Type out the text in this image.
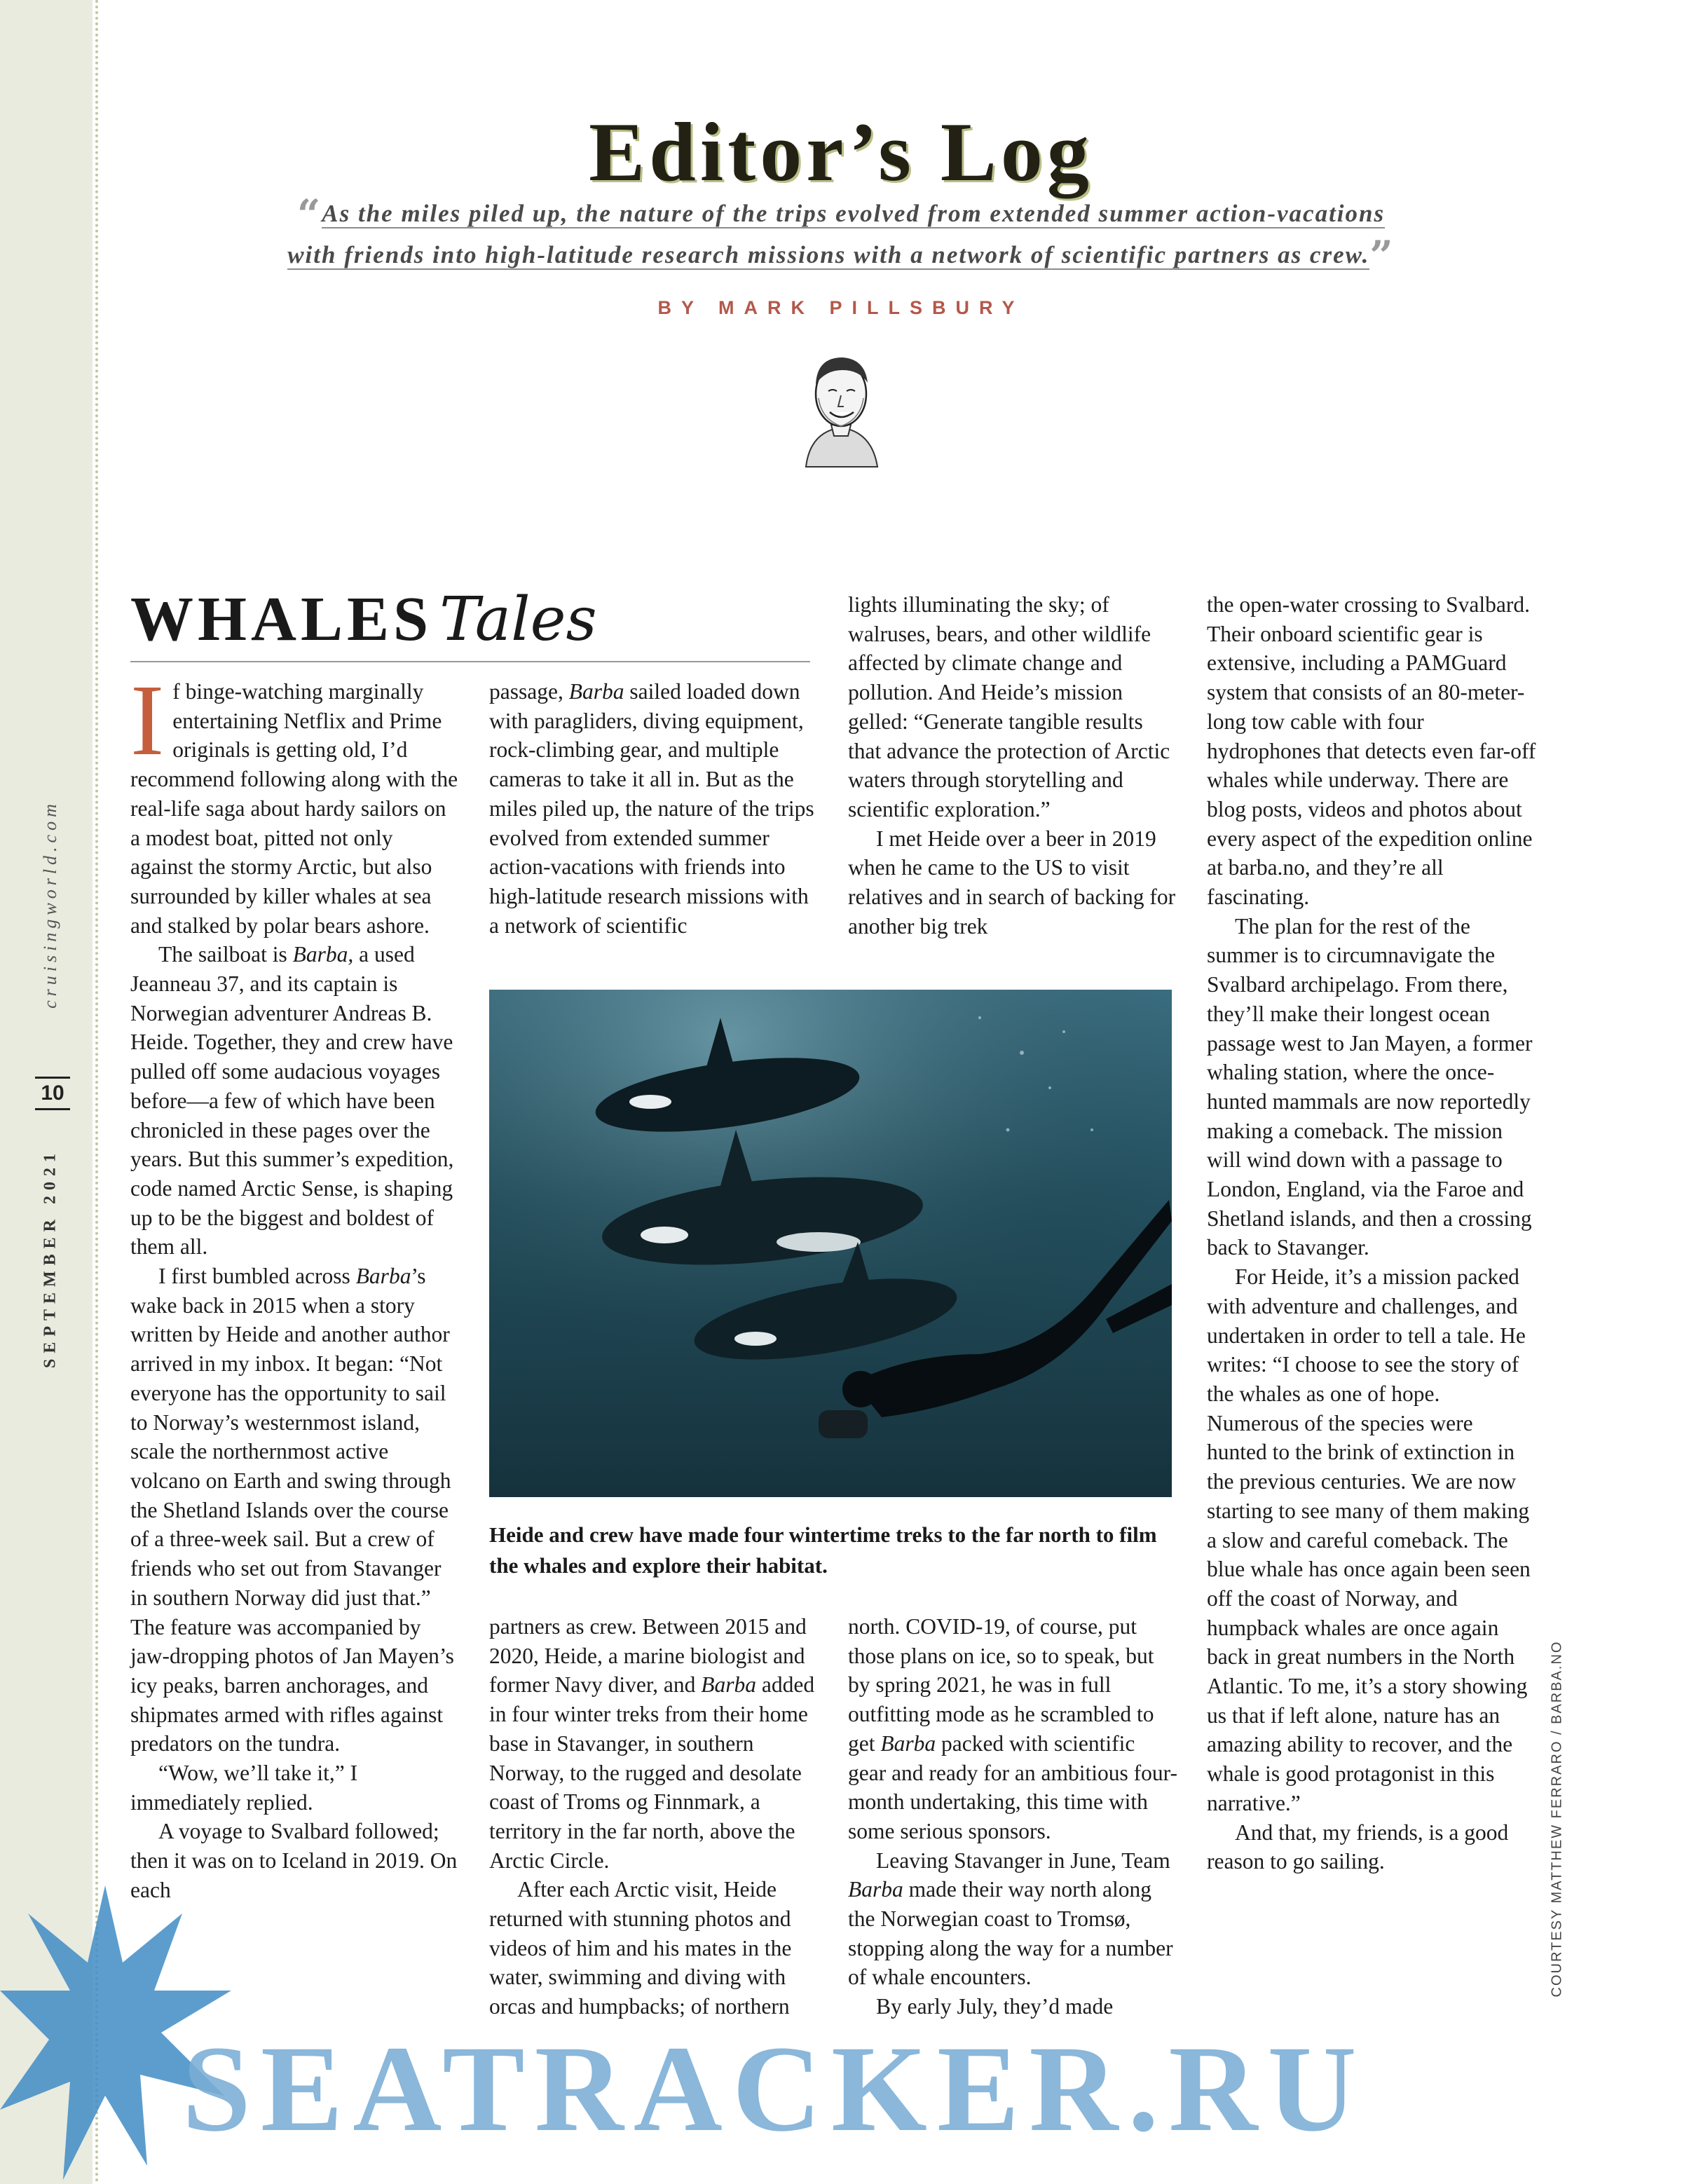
cruisingworld.com
10
SEPTEMBER 2021
Editor’s Log
“As the miles piled up, the nature of the trips evolved from extended summer action-vacations
with friends into high-latitude research missions with a network of scientific partners as crew.”
BY MARK PILLSBURY
WHALES Tales

If binge-watching marginally entertaining Netflix and Prime originals is getting old, I’d recommend following along with the real-life saga about hardy sailors on a modest boat, pitted not only against the stormy Arctic, but also surrounded by killer whales at sea and stalked by polar bears ashore.

The sailboat is Barba, a used Jeanneau 37, and its captain is Norwegian adventurer Andreas B. Heide. Together, they and crew have pulled off some audacious voyages before—a few of which have been chronicled in these pages over the years. But this summer’s expedition, code named Arctic Sense, is shaping up to be the biggest and boldest of them all.

I first bumbled across Barba’s wake back in 2015 when a story written by Heide and another author arrived in my inbox. It began: “Not everyone has the opportunity to sail to Norway’s westernmost island, scale the northernmost active volcano on Earth and swing through the Shetland Islands over the course of a three-week sail. But a crew of friends who set out from Stavanger in southern Norway did just that.” The feature was accompanied by jaw-dropping photos of Jan Mayen’s icy peaks, barren anchorages, and shipmates armed with rifles against predators on the tundra.

“Wow, we’ll take it,” I immediately replied.

A voyage to Svalbard followed; then it was on to Iceland in 2019. On each

passage, Barba sailed loaded down with paragliders, diving equipment, rock-climbing gear, and multiple cameras to take it all in. But as the miles piled up, the nature of the trips evolved from extended summer action-vacations with friends into high-latitude research missions with a network of scientific

lights illuminating the sky; of walruses, bears, and other wildlife affected by climate change and pollution. And Heide’s mission gelled: “Generate tangible results that advance the protection of Arctic waters through storytelling and scientific exploration.”

I met Heide over a beer in 2019 when he came to the US to visit relatives and in search of backing for another big trek

the open-water crossing to Svalbard. Their onboard scientific gear is extensive, including a PAMGuard system that consists of an 80-meter-long tow cable with four hydrophones that detects even far-off whales while underway. There are blog posts, videos and photos about every aspect of the expedition online at barba.no, and they’re all fascinating.

The plan for the rest of the summer is to circumnavigate the Svalbard archipelago. From there, they’ll make their longest ocean passage west to Jan Mayen, a former whaling station, where the once-hunted mammals are now reportedly making a comeback. The mission will wind down with a passage to London, England, via the Faroe and Shetland islands, and then a crossing back to Stavanger.

For Heide, it’s a mission packed with adventure and challenges, and undertaken in order to tell a tale. He writes: “I choose to see the story of the whales as one of hope. Numerous of the species were hunted to the brink of extinction in the previous centuries. We are now starting to see many of them making a slow and careful comeback. The blue whale has once again been seen off the coast of Norway, and humpback whales are once again back in great numbers in the North Atlantic. To me, it’s a story showing us that if left alone, nature has an amazing ability to recover, and the whale is good protagonist in this narrative.”

And that, my friends, is a good reason to go sailing.

Heide and crew have made four wintertime treks to the far north to film the whales and explore their habitat.

partners as crew. Between 2015 and 2020, Heide, a marine biologist and former Navy diver, and Barba added in four winter treks from their home base in Stavanger, in southern Norway, to the rugged and desolate coast of Troms og Finnmark, a territory in the far north, above the Arctic Circle.

After each Arctic visit, Heide returned with stunning photos and videos of him and his mates in the water, swimming and diving with orcas and humpbacks; of northern

north. COVID-19, of course, put those plans on ice, so to speak, but by spring 2021, he was in full outfitting mode as he scrambled to get Barba packed with scientific gear and ready for an ambitious four-month undertaking, this time with some serious sponsors.

Leaving Stavanger in June, Team Barba made their way north along the Norwegian coast to Tromsø, stopping along the way for a number of whale encounters.

By early July, they’d made

COURTESY MATTHEW FERRARO / BARBA.NO
SEATRACKER.RU
